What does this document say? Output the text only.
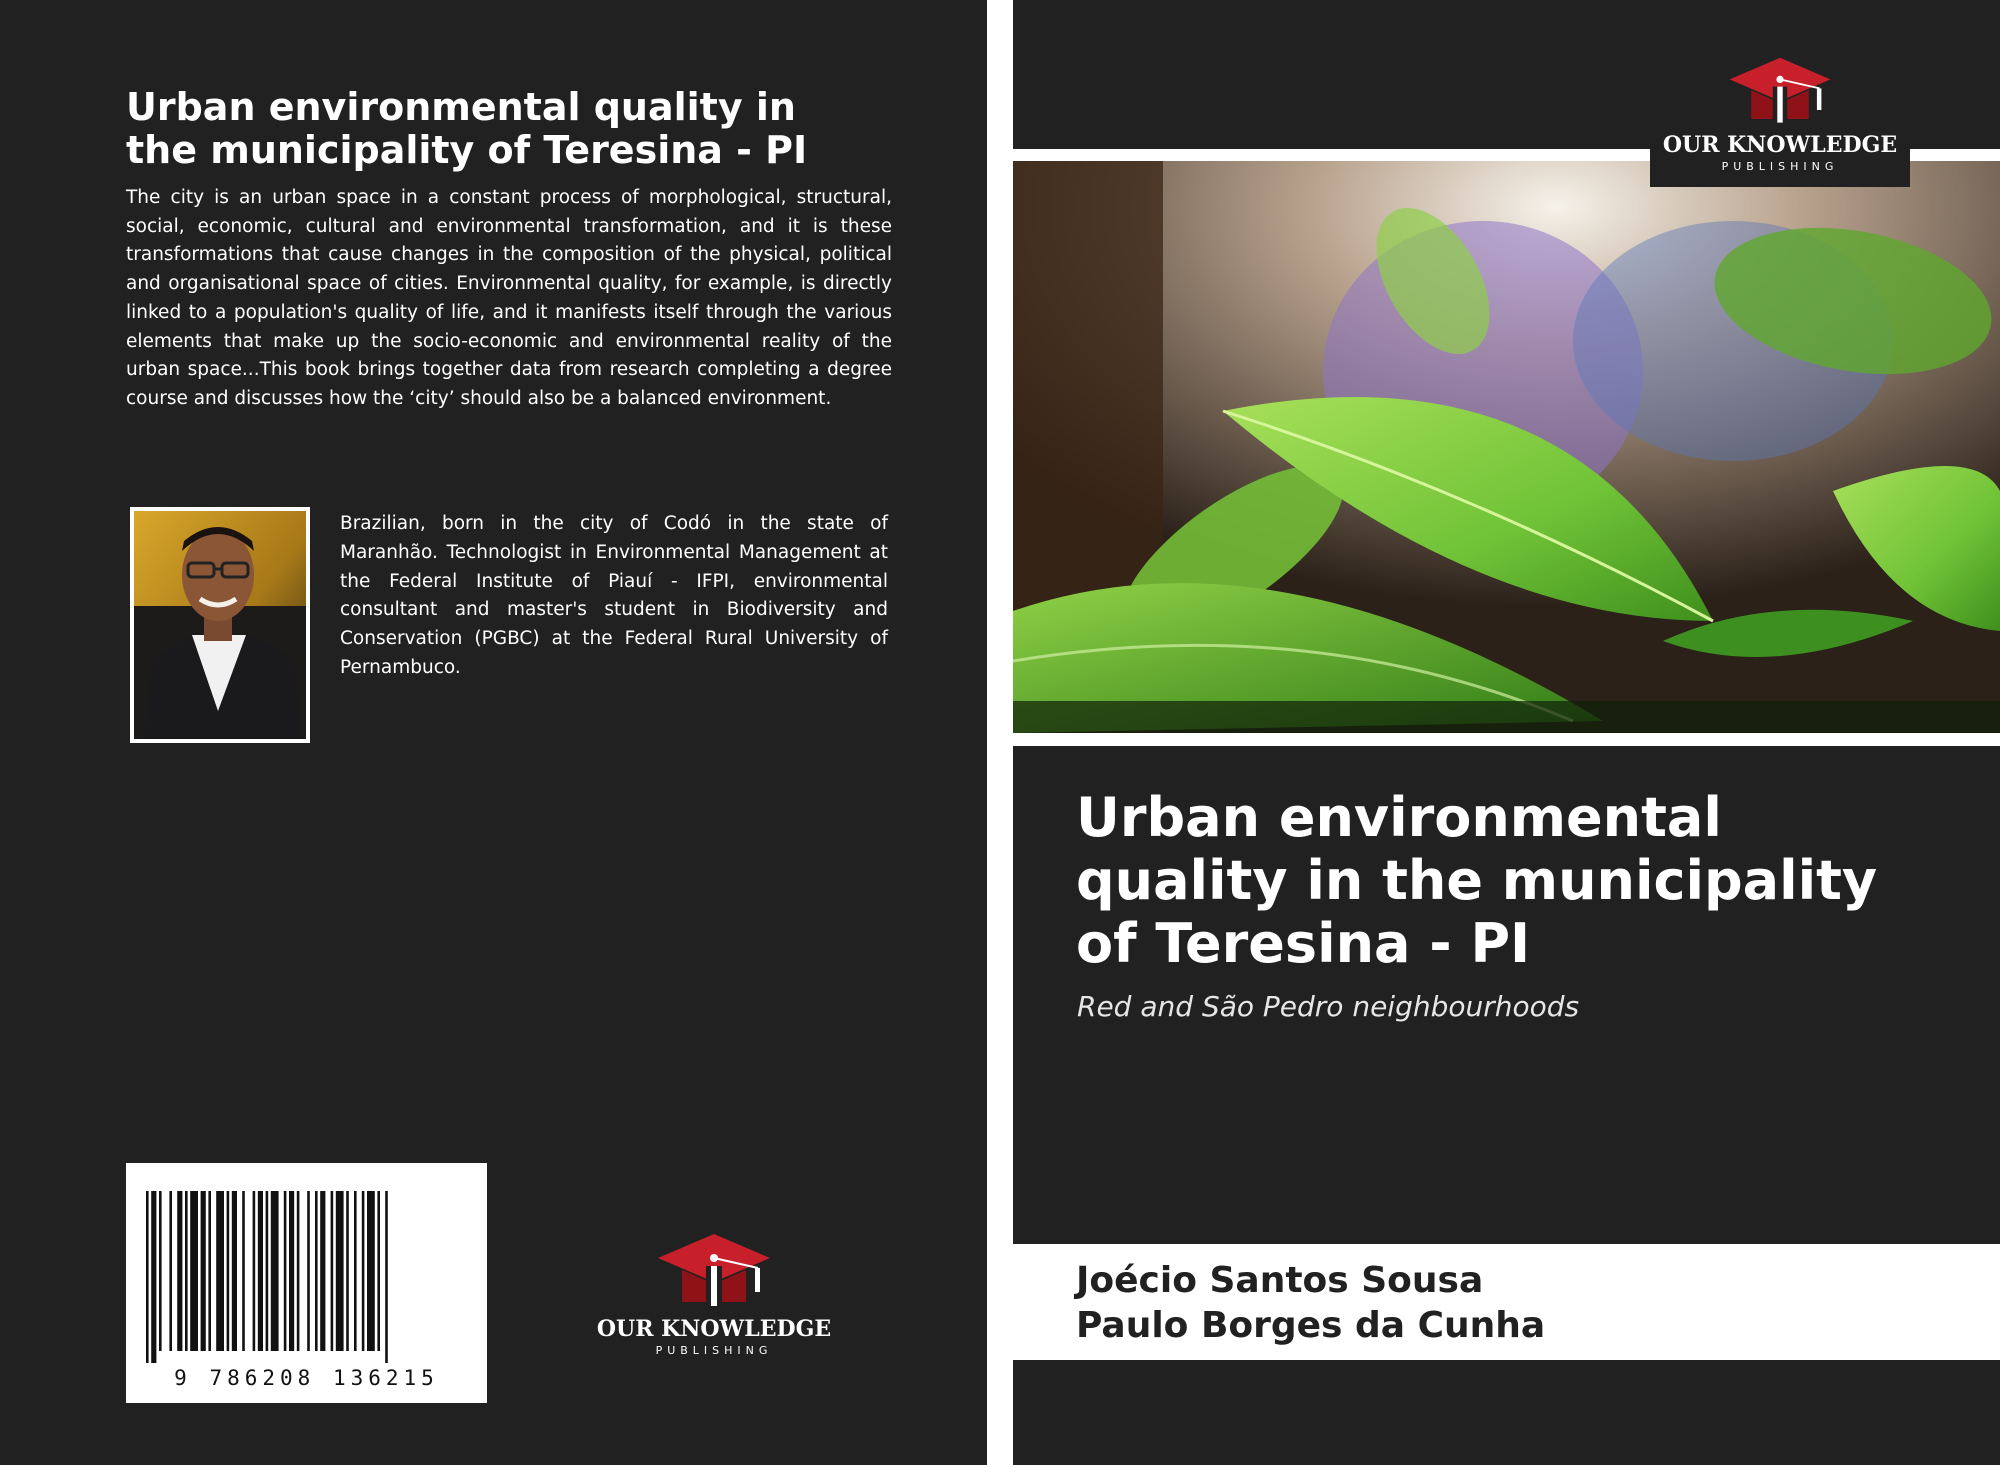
Urban environmental quality in
the municipality of Teresina - PI
The city is an urban space in a constant process of morphological, structural, social, economic, cultural and environmental transformation, and it is these transformations that cause changes in the composition of the physical, political and organisational space of cities. Environmental quality, for example, is directly linked to a population's quality of life, and it manifests itself through the various elements that make up the socio-economic and environmental reality of the urban space...This book brings together data from research completing a degree course and discusses how the ‘city’ should also be a balanced environment.
Brazilian, born in the city of Codó in the state of Maranhão. Technologist in Environmental Management at the Federal Institute of Piauí - IFPI, environmental consultant and master's student in Biodiversity and Conservation (PGBC) at the Federal Rural University of Pernambuco.
9 786208 136215
OUR KNOWLEDGE
PUBLISHING
OUR KNOWLEDGE
PUBLISHING
Urban environmental
quality in the municipality
of Teresina - PI
Red and São Pedro neighbourhoods
Joécio Santos Sousa
Paulo Borges da Cunha
